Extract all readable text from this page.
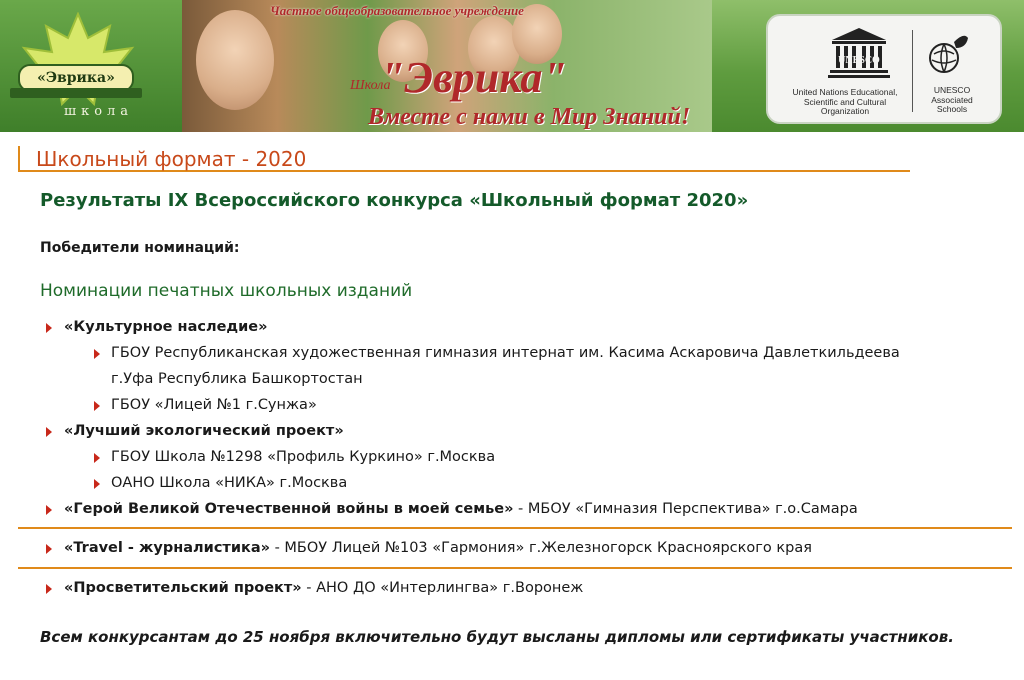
«Эврика»
школа
Частное общеобразовательное учреждение
Школа
"Эврика"
Вместе с нами в Мир Знаний!
UNESCO
United Nations Educational, Scientific and Cultural Organization
UNESCO Associated Schools
Школьный формат - 2020
Результаты IX Всероссийского конкурса «Школьный формат 2020»
Победители номинаций:
Номинации печатных школьных изданий
«Культурное наследие»
ГБОУ Республиканская художественная гимназия интернат им. Касима Аскаровича Давлеткильдеева
г.Уфа Республика Башкортостан
ГБОУ «Лицей №1 г.Сунжа»
«Лучший экологический проект»
ГБОУ Школа №1298 «Профиль Куркино» г.Москва
ОАНО Школа «НИКА» г.Москва
«Герой Великой Отечественной войны в моей семье» - МБОУ «Гимназия Перспектива» г.о.Самара
«Travel - журналистика» - МБОУ Лицей №103 «Гармония» г.Железногорск Красноярского края
«Просветительский проект» - АНО ДО «Интерлингва» г.Воронеж
Всем конкурсантам до 25 ноября включительно будут высланы дипломы или сертификаты участников.
